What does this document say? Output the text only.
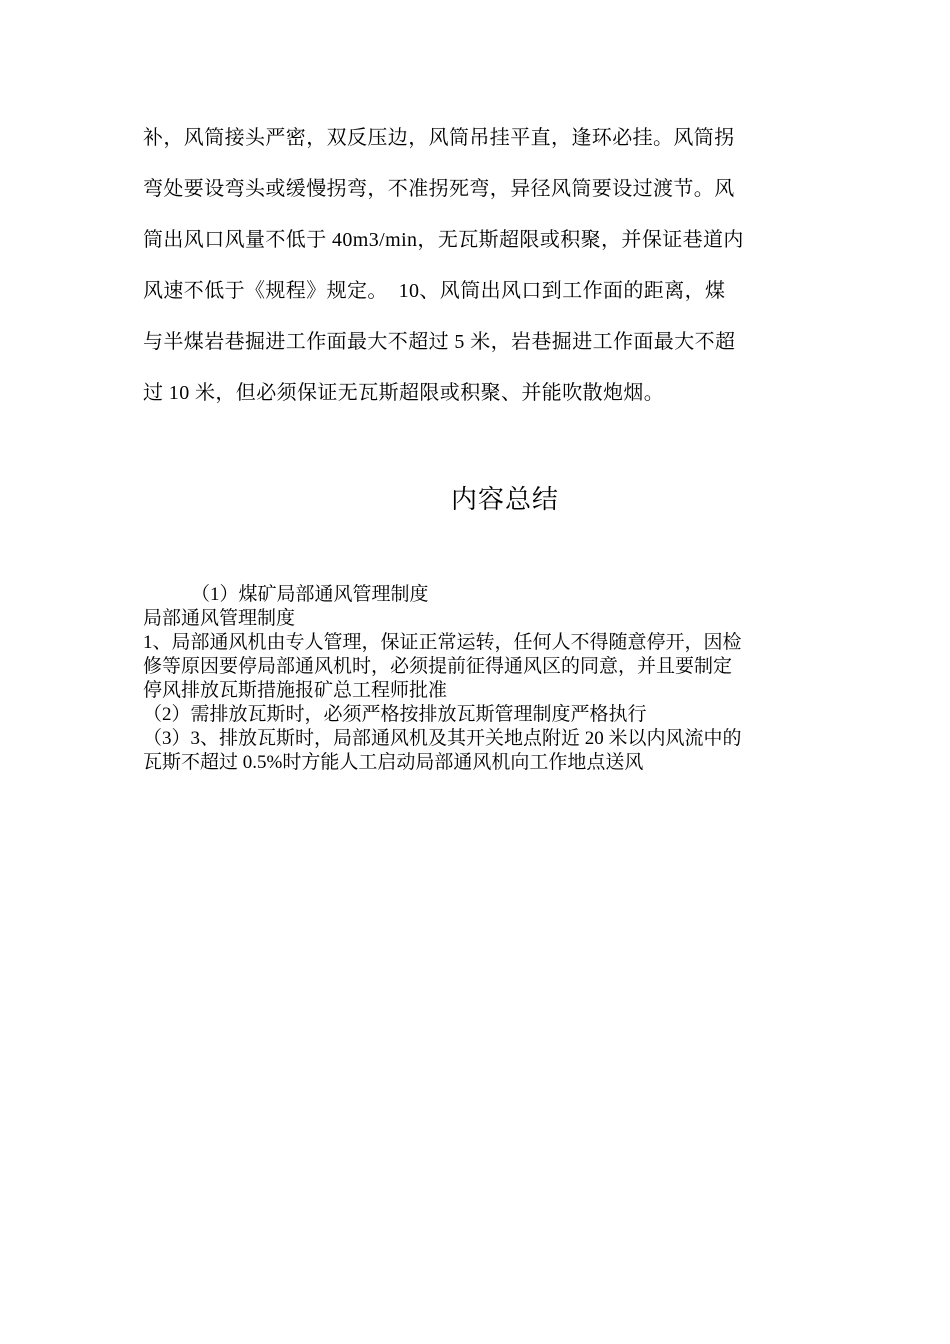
补，风筒接头严密，双反压边，风筒吊挂平直，逢环必挂。风筒拐
弯处要设弯头或缓慢拐弯，不准拐死弯，异径风筒要设过渡节。风
筒出风口风量不低于 40m3/min，无瓦斯超限或积聚，并保证巷道内
风速不低于《规程》规定。  10、风筒出风口到工作面的距离，煤
与半煤岩巷掘进工作面最大不超过 5 米，岩巷掘进工作面最大不超
过 10 米，但必须保证无瓦斯超限或积聚、并能吹散炮烟。
内容总结
（1）煤矿局部通风管理制度
局部通风管理制度
1、局部通风机由专人管理，保证正常运转，任何人不得随意停开，因检
修等原因要停局部通风机时，必须提前征得通风区的同意，并且要制定
停风排放瓦斯措施报矿总工程师批准
（2）需排放瓦斯时，必须严格按排放瓦斯管理制度严格执行
（3）3、排放瓦斯时，局部通风机及其开关地点附近 20 米以内风流中的
瓦斯不超过 0.5%时方能人工启动局部通风机向工作地点送风
